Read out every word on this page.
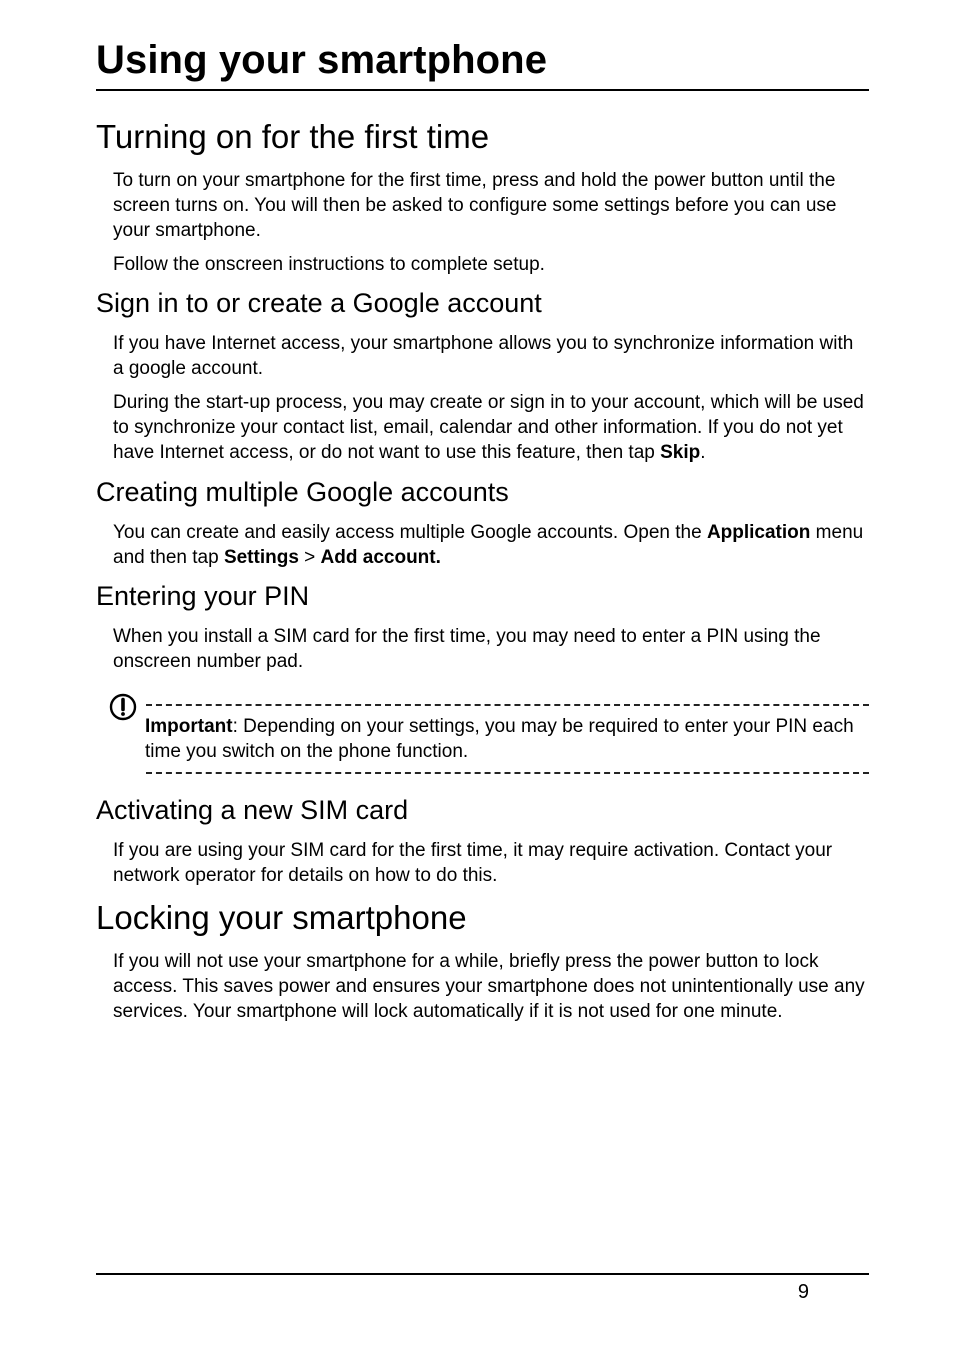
Using your smartphone
Turning on for the first time

To turn on your smartphone for the first time, press and hold the power button until the screen turns on. You will then be asked to configure some settings before you can use your smartphone.

Follow the onscreen instructions to complete setup.

Sign in to or create a Google account

If you have Internet access, your smartphone allows you to synchronize information with a google account.

During the start-up process, you may create or sign in to your account, which will be used to synchronize your contact list, email, calendar and other information. If you do not yet have Internet access, or do not want to use this feature, then tap Skip.

Creating multiple Google accounts

You can create and easily access multiple Google accounts. Open the Application menu and then tap Settings > Add account.

Entering your PIN

When you install a SIM card for the first time, you may need to enter a PIN using the onscreen number pad.

Important: Depending on your settings, you may be required to enter your PIN each time you switch on the phone function.

Activating a new SIM card

If you are using your SIM card for the first time, it may require activation. Contact your network operator for details on how to do this.

Locking your smartphone

If you will not use your smartphone for a while, briefly press the power button to lock access. This saves power and ensures your smartphone does not unintentionally use any services. Your smartphone will lock automatically if it is not used for one minute.

9
